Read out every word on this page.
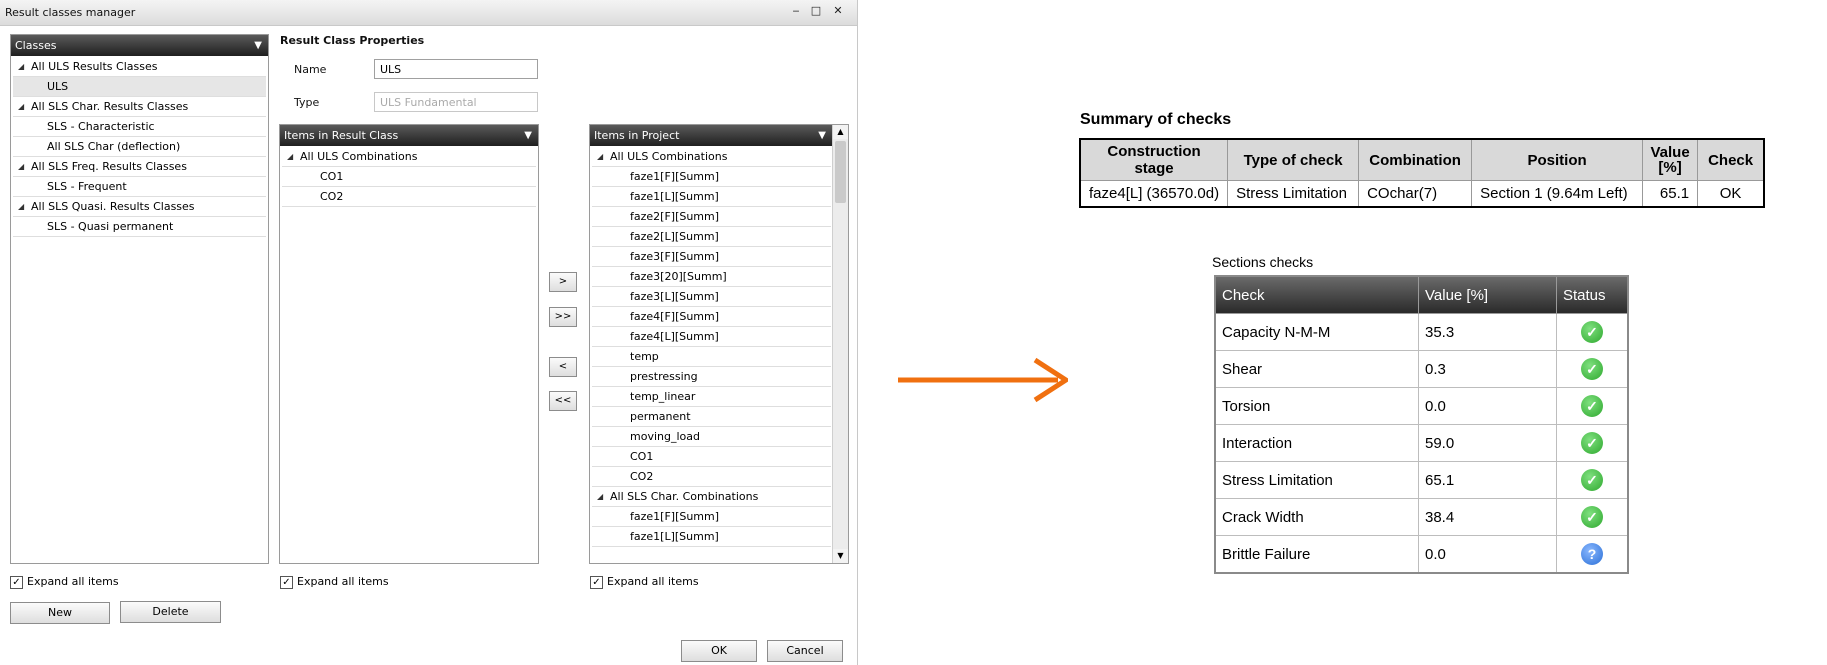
Result classes manager	‒ □ ✕
Classes	▼
◢ All ULS Results Classes
ULS
◢ All SLS Char. Results Classes
SLS - Characteristic
All SLS Char (deflection)
◢ All SLS Freq. Results Classes
SLS - Frequent
◢ All SLS Quasi. Results Classes
SLS - Quasi permanent
✓ Expand all items
New	Delete
Result Class Properties
Name	ULS
Type	ULS Fundamental
Items in Result Class	▼
◢ All ULS Combinations
CO1
CO2
✓ Expand all items
>
>>
<
<<
Items in Project	▼
◢ All ULS Combinations
faze1[F][Summ]
faze1[L][Summ]
faze2[F][Summ]
faze2[L][Summ]
faze3[F][Summ]
faze3[20][Summ]
faze3[L][Summ]
faze4[F][Summ]
faze4[L][Summ]
temp
prestressing
temp_linear
permanent
moving_load
CO1
CO2
◢ All SLS Char. Combinations
faze1[F][Summ]
faze1[L][Summ]
▲
▼
✓ Expand all items
OK	Cancel
Summary of checks
Construction stage	Type of check	Combination	Position	Value [%]	Check
faze4[L] (36570.0d)	Stress Limitation	COchar(7)	Section 1 (9.64m Left)	65.1	OK
Sections checks
Check	Value [%]	Status
Capacity N-M-M	35.3	✓
Shear	0.3	✓
Torsion	0.0	✓
Interaction	59.0	✓
Stress Limitation	65.1	✓
Crack Width	38.4	✓
Brittle Failure	0.0	?
